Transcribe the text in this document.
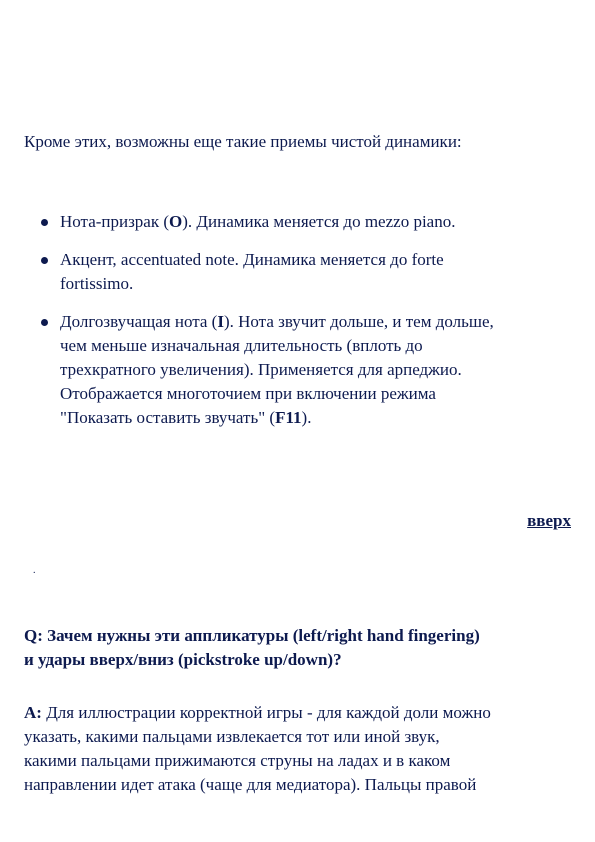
Кроме этих, возможны еще такие приемы чистой динамики:

Нота-призрак (O). Динамика меняется до mezzo piano.
Акцент, accentuated note. Динамика меняется до forte
fortissimo.
Долгозвучащая нота (I). Нота звучит дольше, и тем дольше,
чем меньше изначальная длительность (вплоть до
трехкратного увеличения). Применяется для арпеджио.
Отображается многоточием при включении режима
"Показать оставить звучать" (F11).
вверх
.

Q: Зачем нужны эти аппликатуры (left/right hand fingering)
и удары вверх/вниз (pickstroke up/down)?

A: Для иллюстрации корректной игры - для каждой доли можно
указать, какими пальцами извлекается тот или иной звук,
какими пальцами прижимаются струны на ладах и в каком
направлении идет атака (чаще для медиатора). Пальцы правой
